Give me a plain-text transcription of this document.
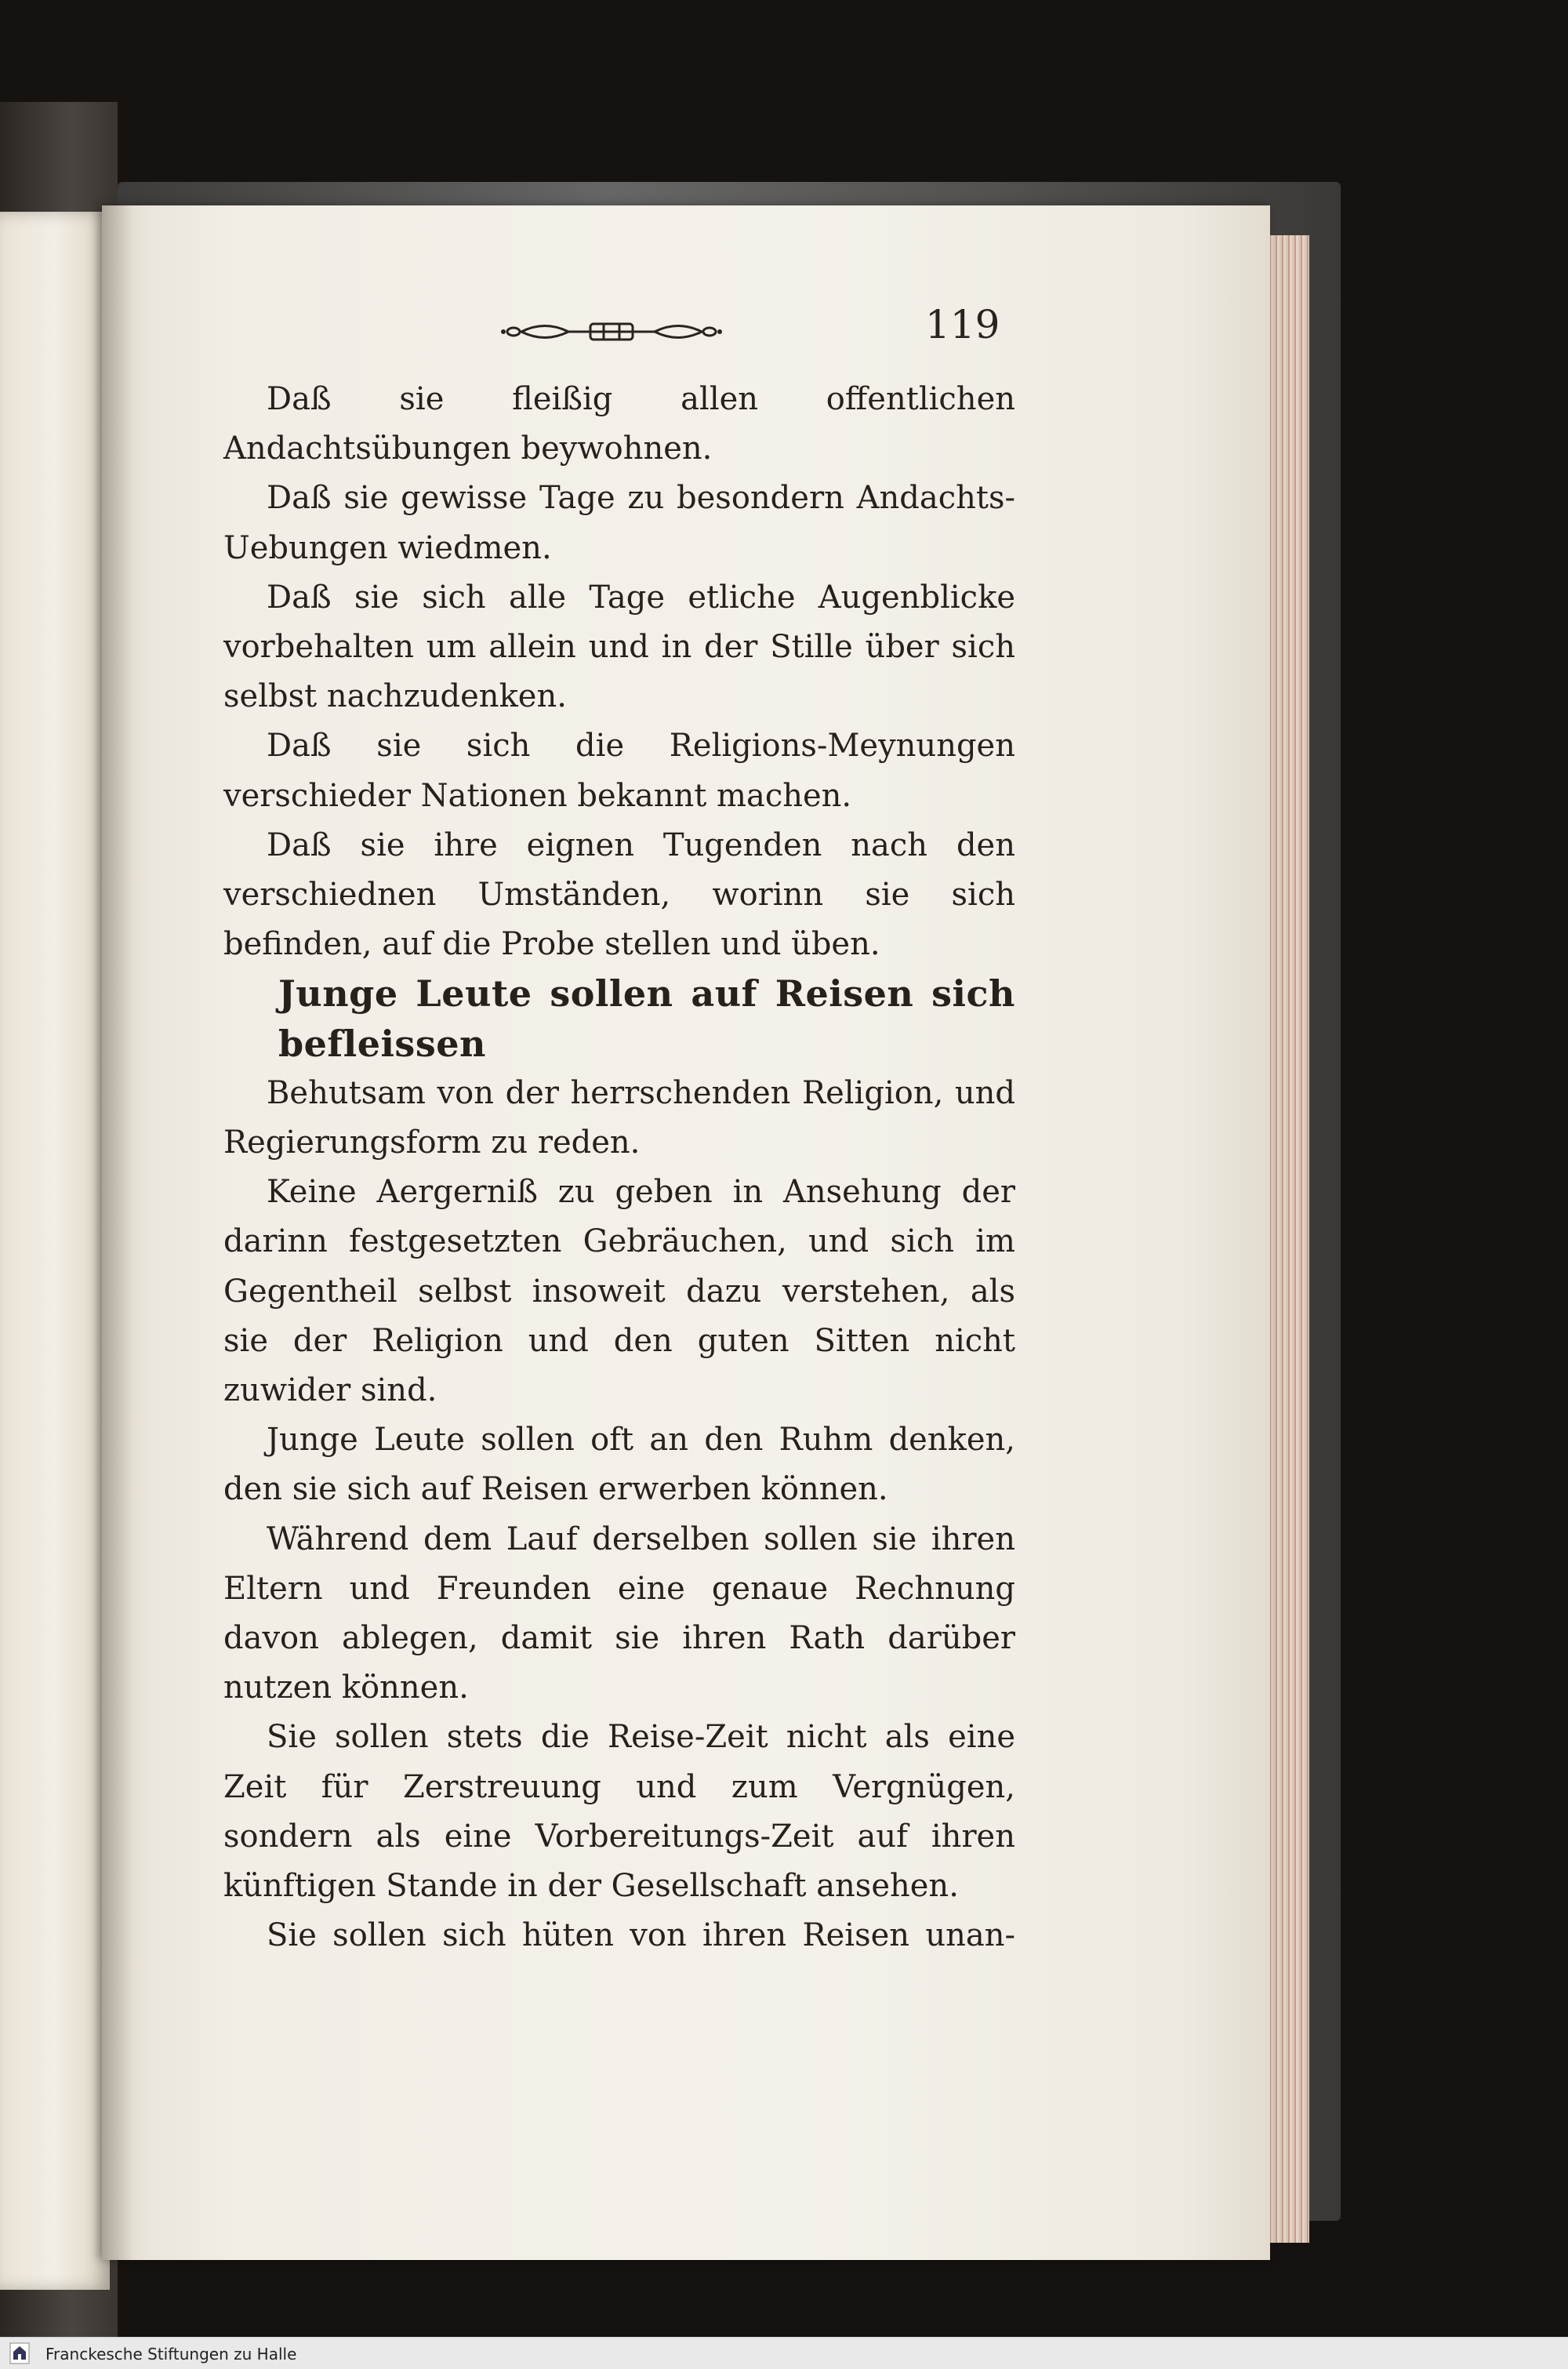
119

Daß sie fleißig allen offentlichen Andachtsübungen beywohnen.

Daß sie gewisse Tage zu besondern Andachts-Uebungen wiedmen.

Daß sie sich alle Tage etliche Augenblicke vorbehalten um allein und in der Stille über sich selbst nachzudenken.

Daß sie sich die Religions-Meynungen verschieder Nationen bekannt machen.

Daß sie ihre eignen Tugenden nach den verschiednen Umständen, worinn sie sich befinden, auf die Probe stellen und üben.

Junge Leute sollen auf Reisen sich befleissen

Behutsam von der herrschenden Religion, und Regierungsform zu reden.

Keine Aergerniß zu geben in Ansehung der darinn festgesetzten Gebräuchen, und sich im Gegentheil selbst insoweit dazu verstehen, als sie der Religion und den guten Sitten nicht zuwider sind.

Junge Leute sollen oft an den Ruhm denken, den sie sich auf Reisen erwerben können.

Während dem Lauf derselben sollen sie ihren Eltern und Freunden eine genaue Rechnung davon ablegen, damit sie ihren Rath darüber nutzen können.

Sie sollen stets die Reise-Zeit nicht als eine Zeit für Zerstreuung und zum Vergnügen, sondern als eine Vorbereitungs-Zeit auf ihren künftigen Stande in der Gesellschaft ansehen.

Sie sollen sich hüten von ihren Reisen unan-

Franckesche Stiftungen zu Halle
